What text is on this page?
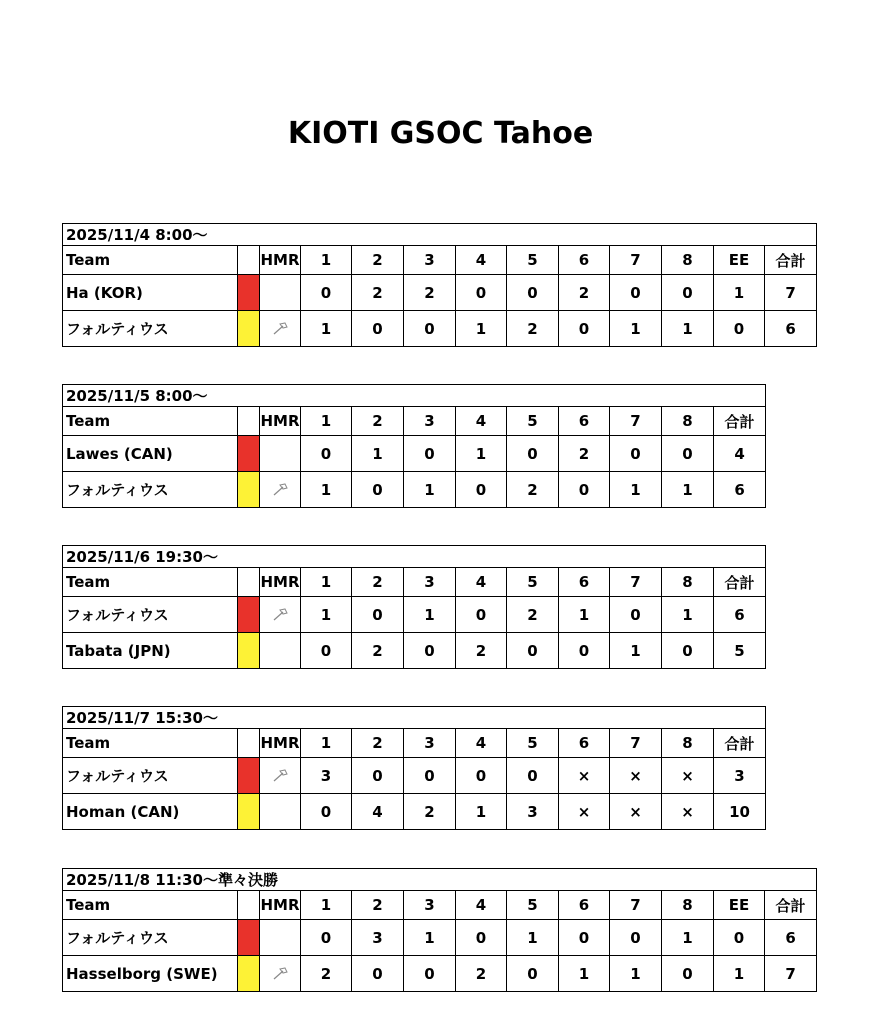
KIOTI GSOC Tahoe
2025/11/4 8:00～												
Team		HMR	1	2	3	4	5	6	7	8	EE	合計
Ha (KOR)			0	2	2	0	0	2	0	0	1	7
フォルティウス			1	0	0	1	2	0	1	1	0	6
2025/11/5 8:00～											
Team		HMR	1	2	3	4	5	6	7	8	合計
Lawes (CAN)			0	1	0	1	0	2	0	0	4
フォルティウス			1	0	1	0	2	0	1	1	6
2025/11/6 19:30～											
Team		HMR	1	2	3	4	5	6	7	8	合計
フォルティウス			1	0	1	0	2	1	0	1	6
Tabata (JPN)			0	2	0	2	0	0	1	0	5
2025/11/7 15:30～											
Team		HMR	1	2	3	4	5	6	7	8	合計
フォルティウス			3	0	0	0	0	×	×	×	3
Homan (CAN)			0	4	2	1	3	×	×	×	10
2025/11/8 11:30～準々決勝												
Team		HMR	1	2	3	4	5	6	7	8	EE	合計
フォルティウス			0	3	1	0	1	0	0	1	0	6
Hasselborg (SWE)			2	0	0	2	0	1	1	0	1	7
